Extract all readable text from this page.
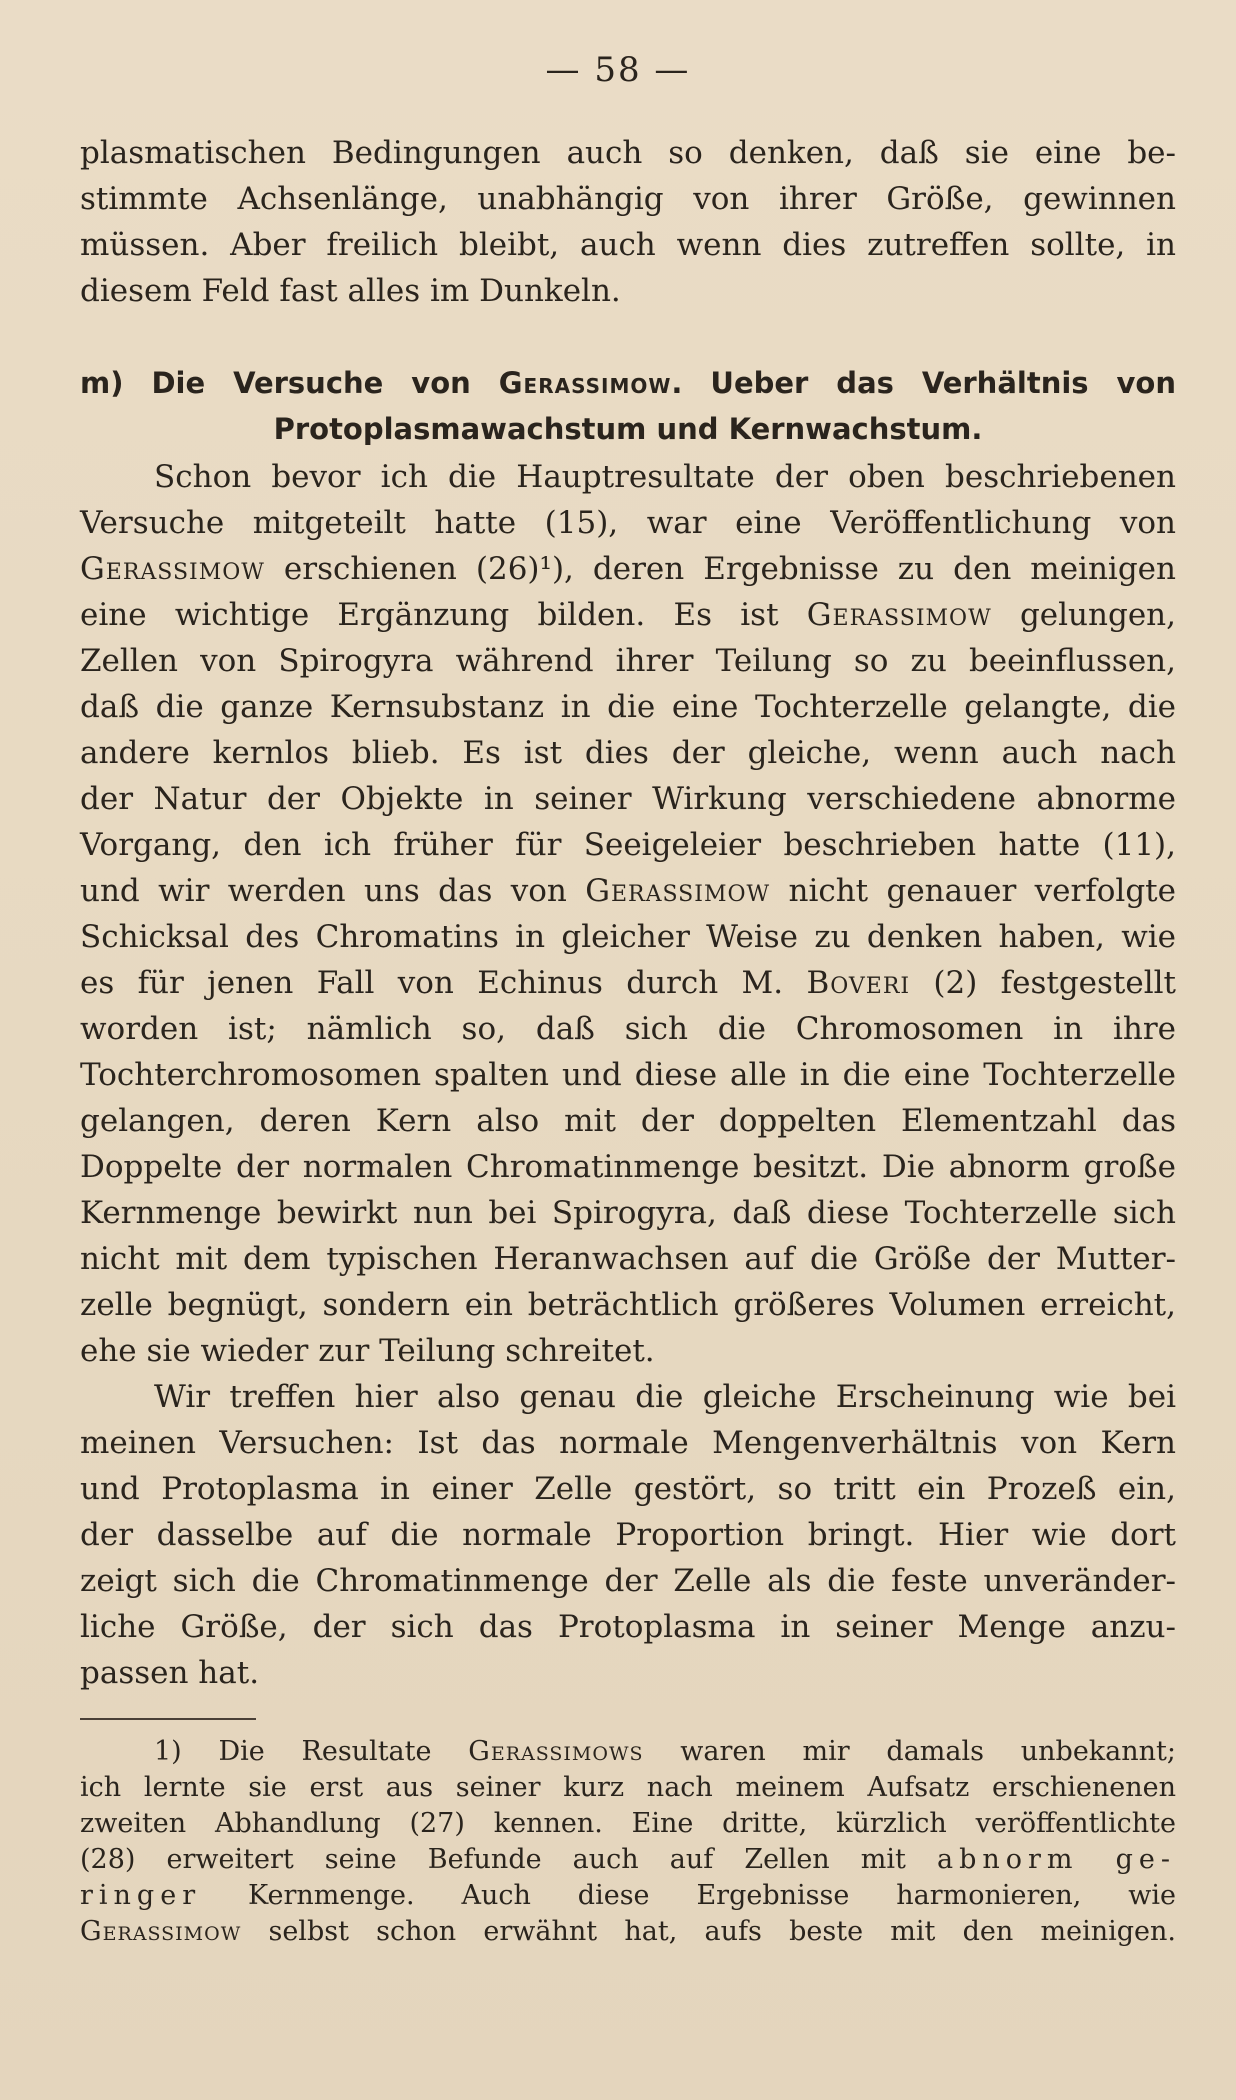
— 58 —
plasmatischen Bedingungen auch so denken, daß sie eine be-
stimmte Achsenlänge, unabhängig von ihrer Größe, gewinnen
müssen. Aber freilich bleibt, auch wenn dies zutreffen sollte, in
diesem Feld fast alles im Dunkeln.
m) Die Versuche von Gerassimow. Ueber das Verhältnis von
Protoplasmawachstum und Kernwachstum.
Schon bevor ich die Hauptresultate der oben beschriebenen
Versuche mitgeteilt hatte (15), war eine Veröffentlichung von
Gerassimow erschienen (26)¹), deren Ergebnisse zu den meinigen
eine wichtige Ergänzung bilden. Es ist Gerassimow gelungen,
Zellen von Spirogyra während ihrer Teilung so zu beeinflussen,
daß die ganze Kernsubstanz in die eine Tochterzelle gelangte, die
andere kernlos blieb. Es ist dies der gleiche, wenn auch nach
der Natur der Objekte in seiner Wirkung verschiedene abnorme
Vorgang, den ich früher für Seeigeleier beschrieben hatte (11),
und wir werden uns das von Gerassimow nicht genauer verfolgte
Schicksal des Chromatins in gleicher Weise zu denken haben, wie
es für jenen Fall von Echinus durch M. Boveri (2) festgestellt
worden ist; nämlich so, daß sich die Chromosomen in ihre
Tochterchromosomen spalten und diese alle in die eine Tochterzelle
gelangen, deren Kern also mit der doppelten Elementzahl das
Doppelte der normalen Chromatinmenge besitzt. Die abnorm große
Kernmenge bewirkt nun bei Spirogyra, daß diese Tochterzelle sich
nicht mit dem typischen Heranwachsen auf die Größe der Mutter-
zelle begnügt, sondern ein beträchtlich größeres Volumen erreicht,
ehe sie wieder zur Teilung schreitet.
Wir treffen hier also genau die gleiche Erscheinung wie bei
meinen Versuchen: Ist das normale Mengenverhältnis von Kern
und Protoplasma in einer Zelle gestört, so tritt ein Prozeß ein,
der dasselbe auf die normale Proportion bringt. Hier wie dort
zeigt sich die Chromatinmenge der Zelle als die feste unveränder-
liche Größe, der sich das Protoplasma in seiner Menge anzu-
passen hat.
1) Die Resultate Gerassimows waren mir damals unbekannt;
ich lernte sie erst aus seiner kurz nach meinem Aufsatz erschienenen
zweiten Abhandlung (27) kennen. Eine dritte, kürzlich veröffentlichte
(28) erweitert seine Befunde auch auf Zellen mit abnorm ge-
ringer Kernmenge. Auch diese Ergebnisse harmonieren, wie
Gerassimow selbst schon erwähnt hat, aufs beste mit den meinigen.
